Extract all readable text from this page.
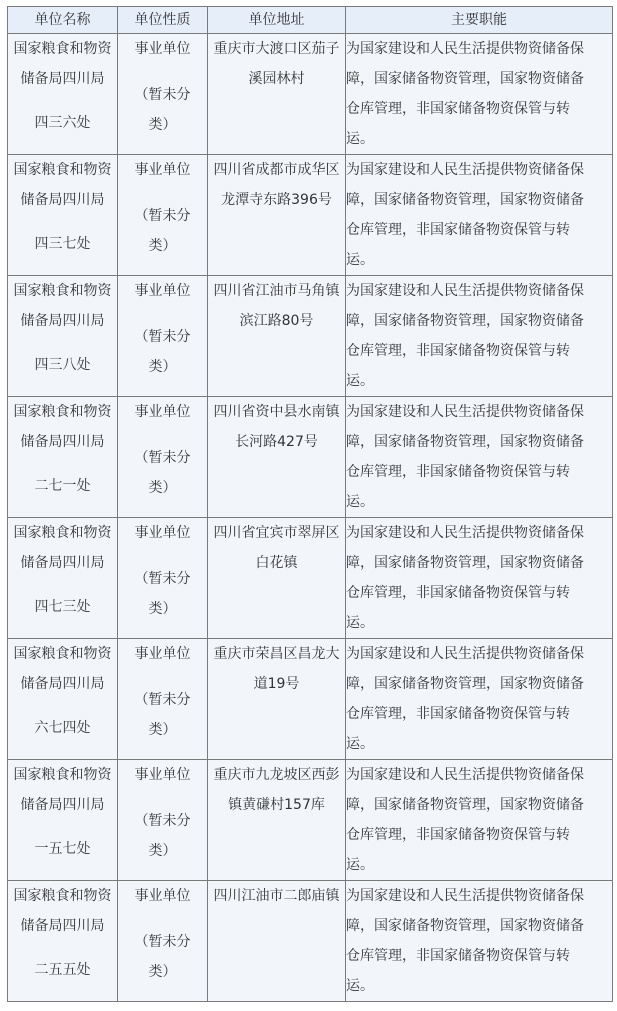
单位名称	单位性质	单位地址	主要职能

国家粮食和物资
储备局四川局
四三六处	事业单位
（暂未分
类）	重庆市大渡口区茄子
溪园林村	为国家建设和人民生活提供物资储备保
障，国家储备物资管理，国家物资储备
仓库管理，非国家储备物资保管与转
运。

国家粮食和物资
储备局四川局
四三七处	事业单位
（暂未分
类）	四川省成都市成华区
龙潭寺东路396号	为国家建设和人民生活提供物资储备保
障，国家储备物资管理，国家物资储备
仓库管理，非国家储备物资保管与转
运。

国家粮食和物资
储备局四川局
四三八处	事业单位
（暂未分
类）	四川省江油市马角镇
滨江路80号	为国家建设和人民生活提供物资储备保
障，国家储备物资管理，国家物资储备
仓库管理，非国家储备物资保管与转
运。

国家粮食和物资
储备局四川局
二七一处	事业单位
（暂未分
类）	四川省资中县水南镇
长河路427号	为国家建设和人民生活提供物资储备保
障，国家储备物资管理，国家物资储备
仓库管理，非国家储备物资保管与转
运。

国家粮食和物资
储备局四川局
四七三处	事业单位
（暂未分
类）	四川省宜宾市翠屏区
白花镇	为国家建设和人民生活提供物资储备保
障，国家储备物资管理，国家物资储备
仓库管理，非国家储备物资保管与转
运。

国家粮食和物资
储备局四川局
六七四处	事业单位
（暂未分
类）	重庆市荣昌区昌龙大
道19号	为国家建设和人民生活提供物资储备保
障，国家储备物资管理，国家物资储备
仓库管理，非国家储备物资保管与转
运。

国家粮食和物资
储备局四川局
一五七处	事业单位
（暂未分
类）	重庆市九龙坡区西彭
镇黄磏村157库	为国家建设和人民生活提供物资储备保
障，国家储备物资管理，国家物资储备
仓库管理，非国家储备物资保管与转
运。

国家粮食和物资
储备局四川局
二五五处	事业单位
（暂未分
类）	四川江油市二郎庙镇	为国家建设和人民生活提供物资储备保
障，国家储备物资管理，国家物资储备
仓库管理，非国家储备物资保管与转
运。
